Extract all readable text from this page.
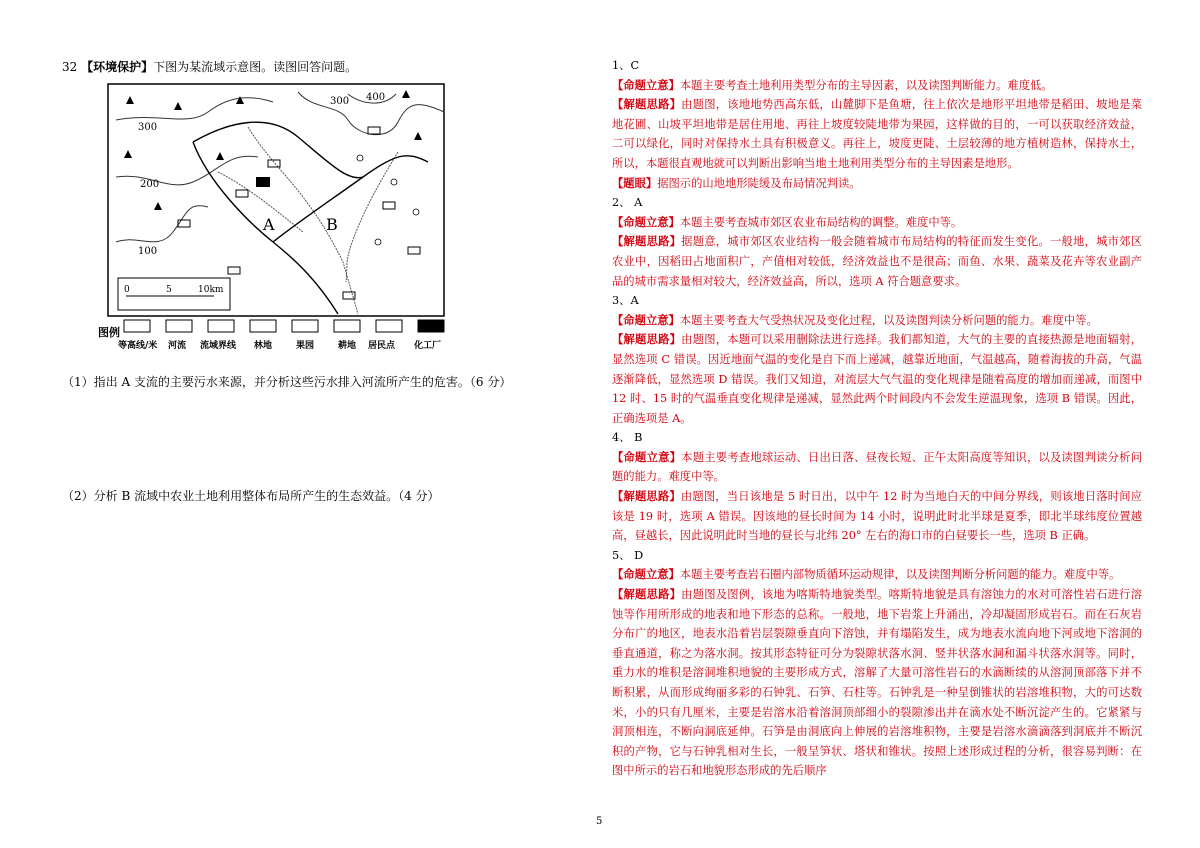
32 【环境保护】下图为某流域示意图。读图回答问题。

400
300
300
200
100
A	B
0	5	10km
图例
等高线/米 河流 流域界线 林地	果园	耕地 居民点 化工厂

（1）指出 A 支流的主要污水来源，并分析这些污水排入河流所产生的危害。（6 分）

（2）分析 B 流域中农业土地利用整体布局所产生的生态效益。（4 分）

1、C

【命题立意】本题主要考查土地利用类型分布的主导因素，以及读图判断能力。难度低。

【解题思路】由题图，该地地势西高东低，山麓脚下是鱼塘，往上依次是地形平坦地带是稻田、坡地是菜地花圃、山坡平坦地带是居住用地、再往上坡度较陡地带为果园，这样做的目的，一可以获取经济效益，二可以绿化，同时对保持水土具有积极意义。再往上，坡度更陡、土层较薄的地方植树造林，保持水土，所以，本题很直观地就可以判断出影响当地土地利用类型分布的主导因素是地形。

【题眼】据图示的山地地形陡缓及布局情况判读。

2、 A

【命题立意】本题主要考查城市郊区农业布局结构的调整。难度中等。

【解题思路】据题意，城市郊区农业结构一般会随着城市布局结构的特征而发生变化。一般地，城市郊区农业中，因稻田占地面积广，产值相对较低，经济效益也不是很高；而鱼、水果、蔬菜及花卉等农业副产品的城市需求量相对较大，经济效益高，所以，选项 A 符合题意要求。

3、A

【命题立意】本题主要考查大气受热状况及变化过程，以及读图判读分析问题的能力。难度中等。

【解题思路】由题图，本题可以采用删除法进行选择。我们都知道，大气的主要的直接热源是地面辐射，显然选项 C 错误。因近地面气温的变化是自下而上递减，越靠近地面，气温越高，随着海拔的升高，气温逐渐降低，显然选项 D 错误。我们又知道，对流层大气气温的变化规律是随着高度的增加而递减，而图中 12 时、15 时的气温垂直变化规律是递减，显然此两个时间段内不会发生逆温现象，选项 B 错误。因此，正确选项是 A。

4、 B

【命题立意】本题主要考查地球运动、日出日落、昼夜长短、正午太阳高度等知识，以及读图判读分析问题的能力。难度中等。

【解题思路】由题图，当日该地是 5 时日出，以中午 12 时为当地白天的中间分界线，则该地日落时间应该是 19 时，选项 A 错误。因该地的昼长时间为 14 小时，说明此时北半球是夏季，即北半球纬度位置越高，昼越长，因此说明此时当地的昼长与北纬 20° 左右的海口市的白昼要长一些，选项 B 正确。

5、 D

【命题立意】本题主要考查岩石圈内部物质循环运动规律，以及读图判断分析问题的能力。难度中等。

【解题思路】由题图及图例，该地为喀斯特地貌类型。喀斯特地貌是具有溶蚀力的水对可溶性岩石进行溶蚀等作用所形成的地表和地下形态的总称。一般地，地下岩浆上升涌出，冷却凝固形成岩石。而在石灰岩分布广的地区，地表水沿着岩层裂隙垂直向下溶蚀，并有塌陷发生，成为地表水流向地下河或地下溶洞的垂直通道，称之为落水洞。按其形态特征可分为裂隙状落水洞、竖井状落水洞和漏斗状落水洞等。同时，重力水的堆积是溶洞堆积地貌的主要形成方式，溶解了大量可溶性岩石的水滴断续的从溶洞顶部落下并不断积累，从而形成绚丽多彩的石钟乳、石笋、石柱等。石钟乳是一种呈倒锥状的岩溶堆积物，大的可达数米，小的只有几厘米，主要是岩溶水沿着溶洞顶部细小的裂隙渗出并在滴水处不断沉淀产生的。它紧紧与洞顶相连，不断向洞底延伸。石笋是由洞底向上伸展的岩溶堆积物，主要是岩溶水滴滴落到洞底并不断沉积的产物，它与石钟乳相对生长，一般呈笋状、塔状和锥状。按照上述形成过程的分析，很容易判断：在图中所示的岩石和地貌形态形成的先后顺序

5
